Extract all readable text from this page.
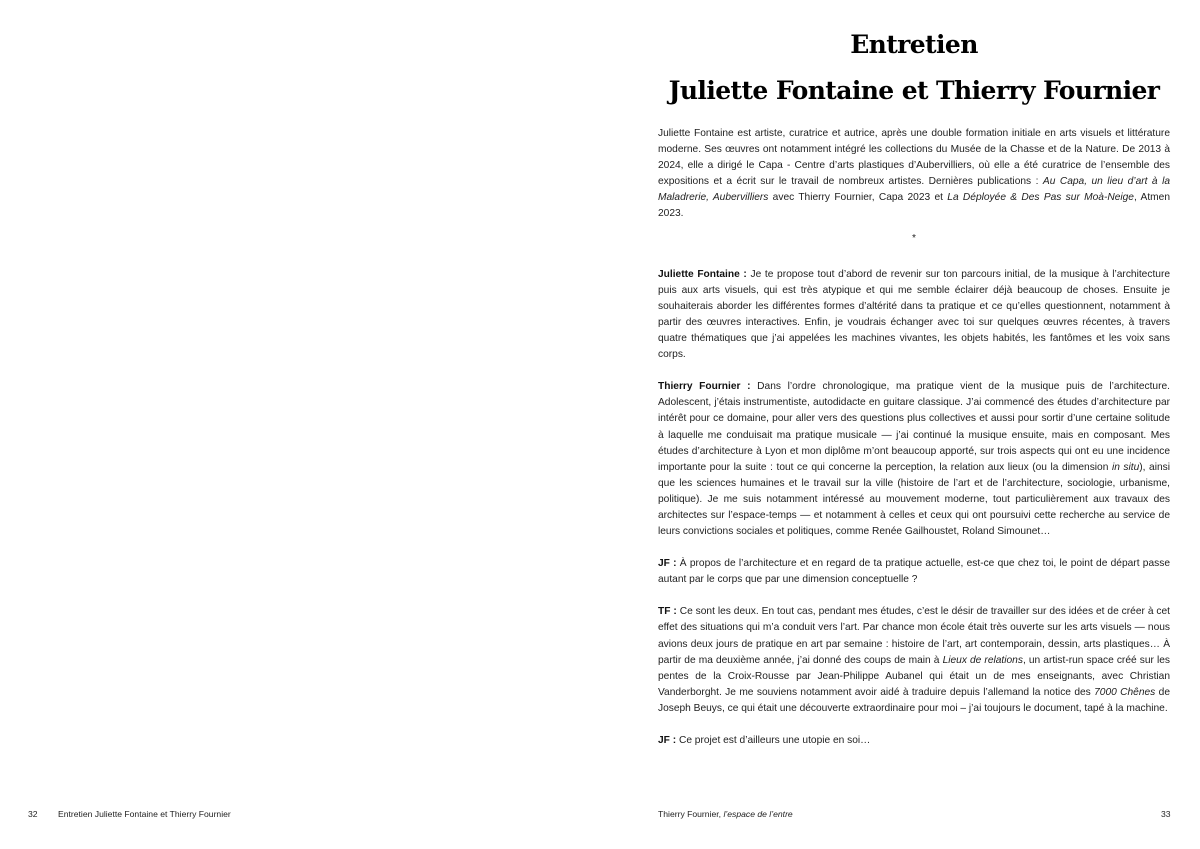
32 Entretien Juliette Fontaine et Thierry Fournier
Entretien
Juliette Fontaine et Thierry Fournier

Juliette Fontaine est artiste, curatrice et autrice, après une double formation initiale en arts visuels et littérature moderne. Ses œuvres ont notamment intégré les collections du Musée de la Chasse et de la Nature. De 2013 à 2024, elle a dirigé le Capa - Centre d’arts plastiques d’Aubervilliers, où elle a été curatrice de l’ensemble des expositions et a écrit sur le travail de nombreux artistes. Dernières publications : Au Capa, un lieu d’art à la Maladrerie, Aubervilliers avec Thierry Fournier, Capa 2023 et La Déployée & Des Pas sur Moà-Neige, Atmen 2023.

*

Juliette Fontaine : Je te propose tout d’abord de revenir sur ton parcours initial, de la musique à l’architecture puis aux arts visuels, qui est très atypique et qui me semble éclairer déjà beaucoup de choses. Ensuite je souhaiterais aborder les différentes formes d’altérité dans ta pratique et ce qu’elles questionnent, notamment à partir des œuvres interactives. Enfin, je voudrais échanger avec toi sur quelques œuvres récentes, à travers quatre thématiques que j’ai appelées les machines vivantes, les objets habités, les fantômes et les voix sans corps.

Thierry Fournier : Dans l’ordre chronologique, ma pratique vient de la musique puis de l’architecture. Adolescent, j’étais instrumentiste, autodidacte en guitare classique. J’ai commencé des études d’architecture par intérêt pour ce domaine, pour aller vers des questions plus collectives et aussi pour sortir d’une certaine solitude à laquelle me conduisait ma pratique musicale — j’ai continué la musique ensuite, mais en composant. Mes études d’architecture à Lyon et mon diplôme m’ont beaucoup apporté, sur trois aspects qui ont eu une incidence importante pour la suite : tout ce qui concerne la perception, la relation aux lieux (ou la dimension in situ), ainsi que les sciences humaines et le travail sur la ville (histoire de l’art et de l’architecture, sociologie, urbanisme, politique). Je me suis notamment intéressé au mouvement moderne, tout particulièrement aux travaux des architectes sur l’espace-temps — et notamment à celles et ceux qui ont poursuivi cette recherche au service de leurs convictions sociales et politiques, comme Renée Gailhoustet, Roland Simounet…

JF : À propos de l’architecture et en regard de ta pratique actuelle, est-ce que chez toi, le point de départ passe autant par le corps que par une dimension conceptuelle ?

TF : Ce sont les deux. En tout cas, pendant mes études, c’est le désir de travailler sur des idées et de créer à cet effet des situations qui m’a conduit vers l’art. Par chance mon école était très ouverte sur les arts visuels — nous avions deux jours de pratique en art par semaine : histoire de l’art, art contemporain, dessin, arts plastiques… À partir de ma deuxième année, j’ai donné des coups de main à Lieux de relations, un artist-run space créé sur les pentes de la Croix-Rousse par Jean-Philippe Aubanel qui était un de mes enseignants, avec Christian Vanderborght. Je me souviens notamment avoir aidé à traduire depuis l’allemand la notice des 7000 Chênes de Joseph Beuys, ce qui était une découverte extraordinaire pour moi – j’ai toujours le document, tapé à la machine.

JF : Ce projet est d’ailleurs une utopie en soi…

Thierry Fournier, l’espace de l’entre	33
